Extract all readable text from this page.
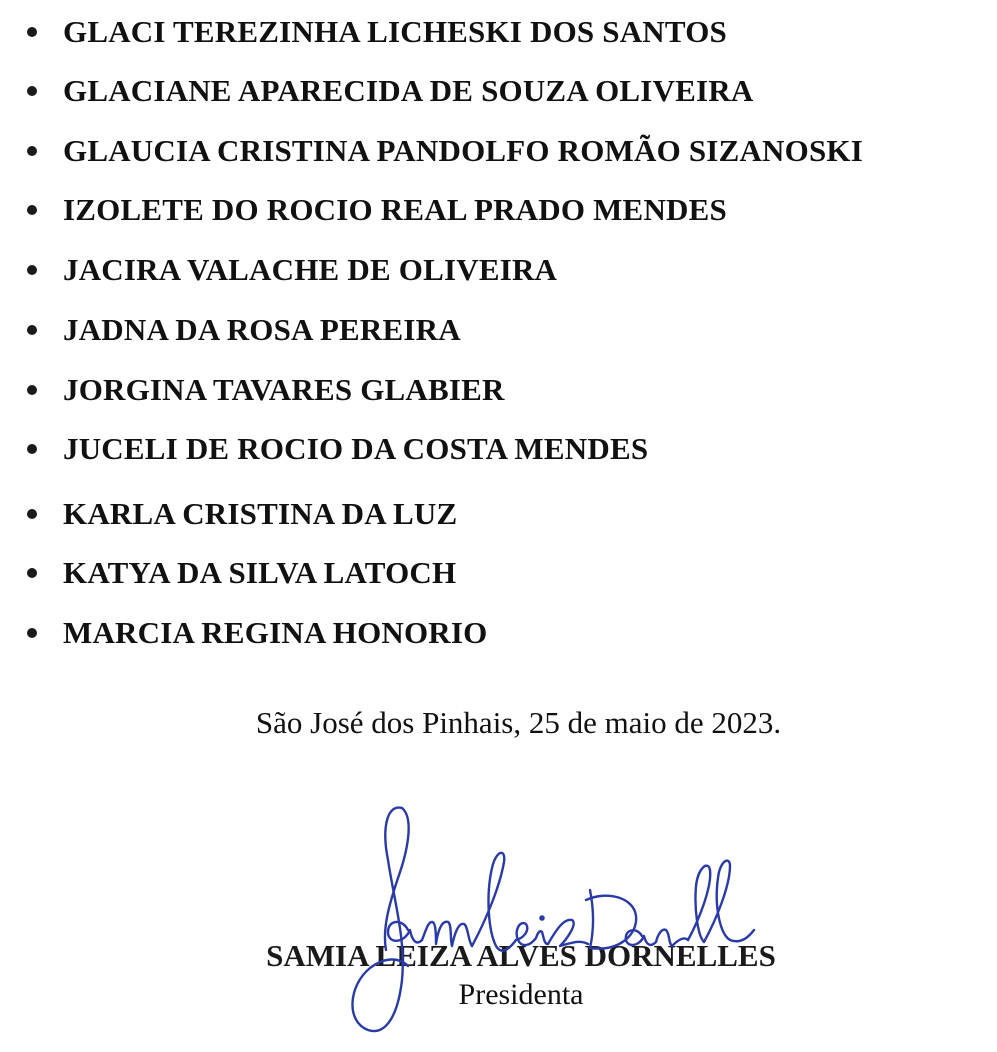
GLACI TEREZINHA LICHESKI DOS SANTOS
GLACIANE APARECIDA DE SOUZA OLIVEIRA
GLAUCIA CRISTINA PANDOLFO ROMÃO SIZANOSKI
IZOLETE DO ROCIO REAL PRADO MENDES
JACIRA VALACHE DE OLIVEIRA
JADNA DA ROSA PEREIRA
JORGINA TAVARES GLABIER
JUCELI DE ROCIO DA COSTA MENDES
KARLA CRISTINA DA LUZ
KATYA DA SILVA LATOCH
MARCIA REGINA HONORIO
São José dos Pinhais, 25 de maio de 2023.
SAMIA LEIZA ALVES DORNELLES
Presidenta
